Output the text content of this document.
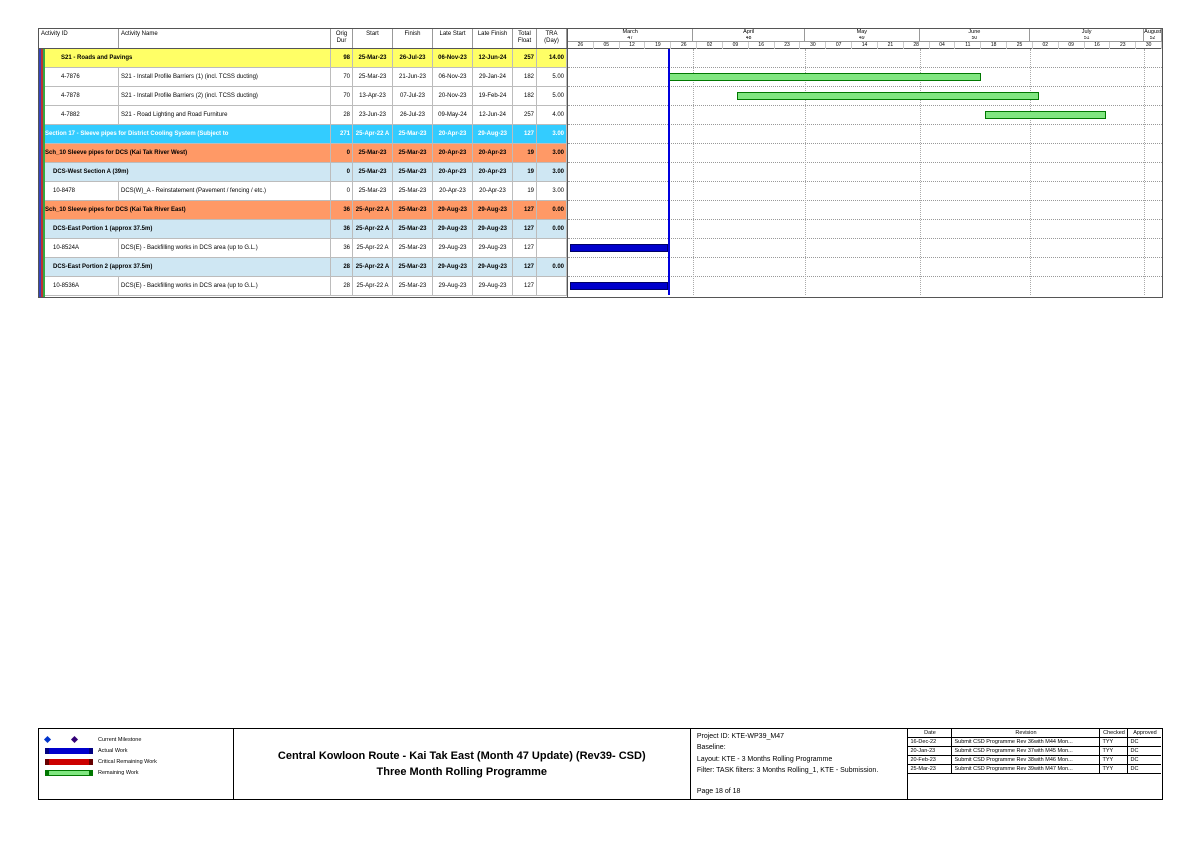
Activity ID	Activity Name	Orig Dur
Start	Finish	Late Start	Late Finish	Total Float
TRA (Day)
S21 - Roads and Pavings	98	25-Mar-23	26-Jul-23	06-Nov-23	12-Jun-24	257	14.00
4-7876	S21 - Install Profile Barriers (1) (incl. TCSS ducting)	70	25-Mar-23	21-Jun-23	06-Nov-23	29-Jan-24	182	5.00
4-7878	S21 - Install Profile Barriers (2) (incl. TCSS ducting)	70	13-Apr-23	07-Jul-23	20-Nov-23	19-Feb-24	182	5.00
4-7882	S21 - Road Lighting and Road Furniture	28	23-Jun-23	26-Jul-23	09-May-24	12-Jun-24	257	4.00
Section 17 - Sleeve pipes for District Cooling System (Subject to	271 25-Apr-22 A	25-Mar-23	20-Apr-23	29-Aug-23	127	3.00
Sch_10 Sleeve pipes for DCS (Kai Tak River West)	0	25-Mar-23	25-Mar-23	20-Apr-23	20-Apr-23	19	3.00
DCS-West Section A (39m)	0	25-Mar-23	25-Mar-23	20-Apr-23	20-Apr-23	19	3.00
10-8478	DCS(W)_A - Reinstatement (Pavement / fencing / etc.)	0	25-Mar-23	25-Mar-23	20-Apr-23	20-Apr-23	19	3.00
Sch_10 Sleeve pipes for DCS (Kai Tak River East)	36 25-Apr-22 A	25-Mar-23	29-Aug-23	29-Aug-23	127	0.00
DCS-East Portion 1 (approx 37.5m)	36 25-Apr-22 A	25-Mar-23	29-Aug-23	29-Aug-23	127	0.00
10-8524A	DCS(E) - Backfilling works in DCS area (up to G.L.)	36	25-Apr-22 A	25-Mar-23	29-Aug-23	29-Aug-23	127
DCS-East Portion 2 (approx 37.5m)	28 25-Apr-22 A	25-Mar-23	29-Aug-23	29-Aug-23	127	0.00
10-8536A	DCS(E) - Backfilling works in DCS area (up to G.L.)	28	25-Apr-22 A	25-Mar-23	29-Aug-23	29-Aug-23	127
March	April	May	June	July	August
47	48	49	50	51	52
26	05	12	19	26	02	09	16	23	30	07	14	21	28	04	11	18	25	02	09	16	23	30
Current Milestone
Actual Work
Critical Remaining Work
Remaining Work
Central Kowloon Route - Kai Tak East (Month 47 Update) (Rev39- CSD)
Three Month Rolling Programme
Project ID: KTE-WP39_M47
Baseline:
Layout: KTE - 3 Months Rolling Programme
Filter: TASK filters: 3 Months Rolling_1, KTE - Submission.
Page 18 of 18
Date	Revision	Checked	Approved
16-Dec-22	Submit CSD Programme Rev 36with M44 Mon...	TYY	DC
20-Jan-23	Submit CSD Programme Rev 37with M45 Mon...	TYY	DC
20-Feb-23	Submit CSD Programme Rev 38with M46 Mon...	TYY	DC
25-Mar-23	Submit CSD Programme Rev 39with M47 Mon...	TYY	DC
